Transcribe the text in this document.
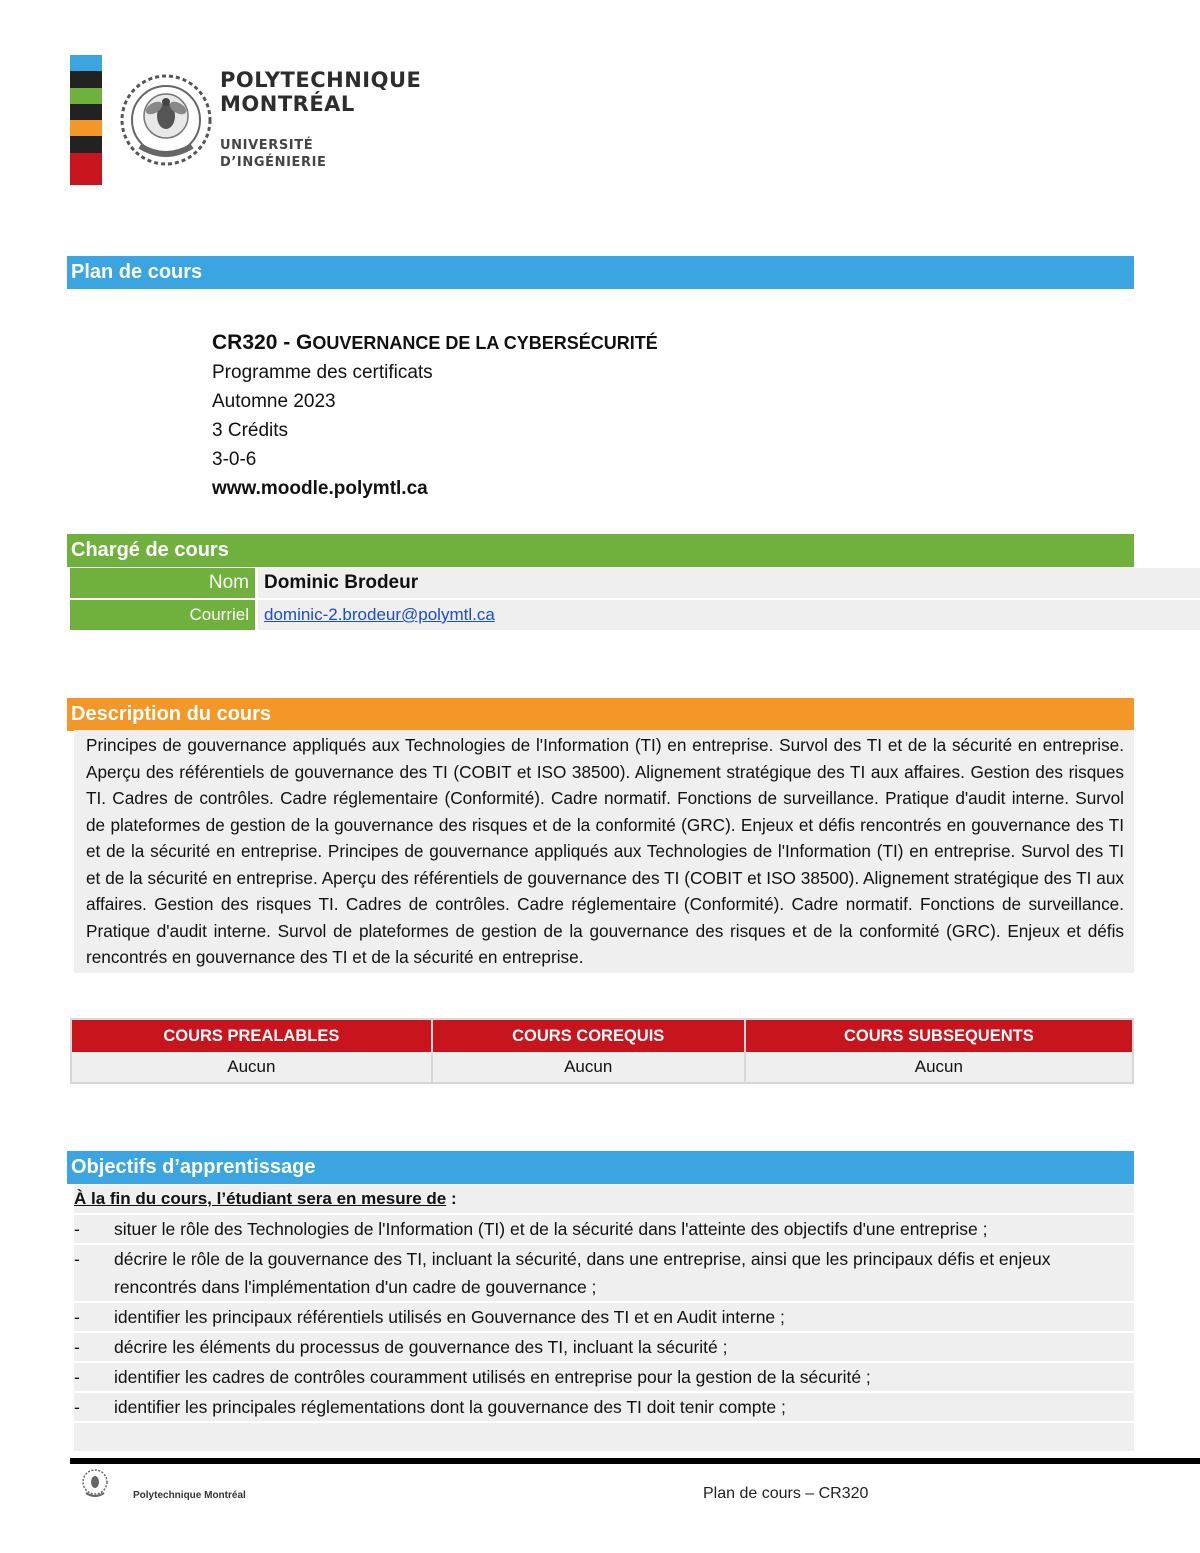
POLYTECHNIQUE
MONTRÉAL
UNIVERSITÉ
D’INGÉNIERIE
Plan de cours
CR320 - GOUVERNANCE DE LA CYBERSÉCURITÉ
Programme des certificats
Automne 2023
3 Crédits
3-0-6
www.moodle.polymtl.ca
Chargé de cours
Nom Dominic Brodeur
Courriel dominic-2.brodeur@polymtl.ca
Description du cours
Principes de gouvernance appliqués aux Technologies de l'Information (TI) en entreprise. Survol des TI et de la sécurité en entreprise. Aperçu des référentiels de gouvernance des TI (COBIT et ISO 38500). Alignement stratégique des TI aux affaires. Gestion des risques TI. Cadres de contrôles. Cadre réglementaire (Conformité). Cadre normatif. Fonctions de surveillance. Pratique d'audit interne. Survol de plateformes de gestion de la gouvernance des risques et de la conformité (GRC). Enjeux et défis rencontrés en gouvernance des TI et de la sécurité en entreprise. Principes de gouvernance appliqués aux Technologies de l'Information (TI) en entreprise. Survol des TI et de la sécurité en entreprise. Aperçu des référentiels de gouvernance des TI (COBIT et ISO 38500). Alignement stratégique des TI aux affaires. Gestion des risques TI. Cadres de contrôles. Cadre réglementaire (Conformité). Cadre normatif. Fonctions de surveillance. Pratique d'audit interne. Survol de plateformes de gestion de la gouvernance des risques et de la conformité (GRC). Enjeux et défis rencontrés en gouvernance des TI et de la sécurité en entreprise.
COURS PREALABLES	COURS COREQUIS	COURS SUBSEQUENTS
Aucun	Aucun	Aucun
Objectifs d’apprentissage
À la fin du cours, l’étudiant sera en mesure de :
- situer le rôle des Technologies de l'Information (TI) et de la sécurité dans l'atteinte des objectifs d'une entreprise ;
- décrire le rôle de la gouvernance des TI, incluant la sécurité, dans une entreprise, ainsi que les principaux défis et enjeux rencontrés dans l'implémentation d'un cadre de gouvernance ;
- identifier les principaux référentiels utilisés en Gouvernance des TI et en Audit interne ;
- décrire les éléments du processus de gouvernance des TI, incluant la sécurité ;
- identifier les cadres de contrôles couramment utilisés en entreprise pour la gestion de la sécurité ;
- identifier les principales réglementations dont la gouvernance des TI doit tenir compte ;
Polytechnique Montréal	Plan de cours – CR320
